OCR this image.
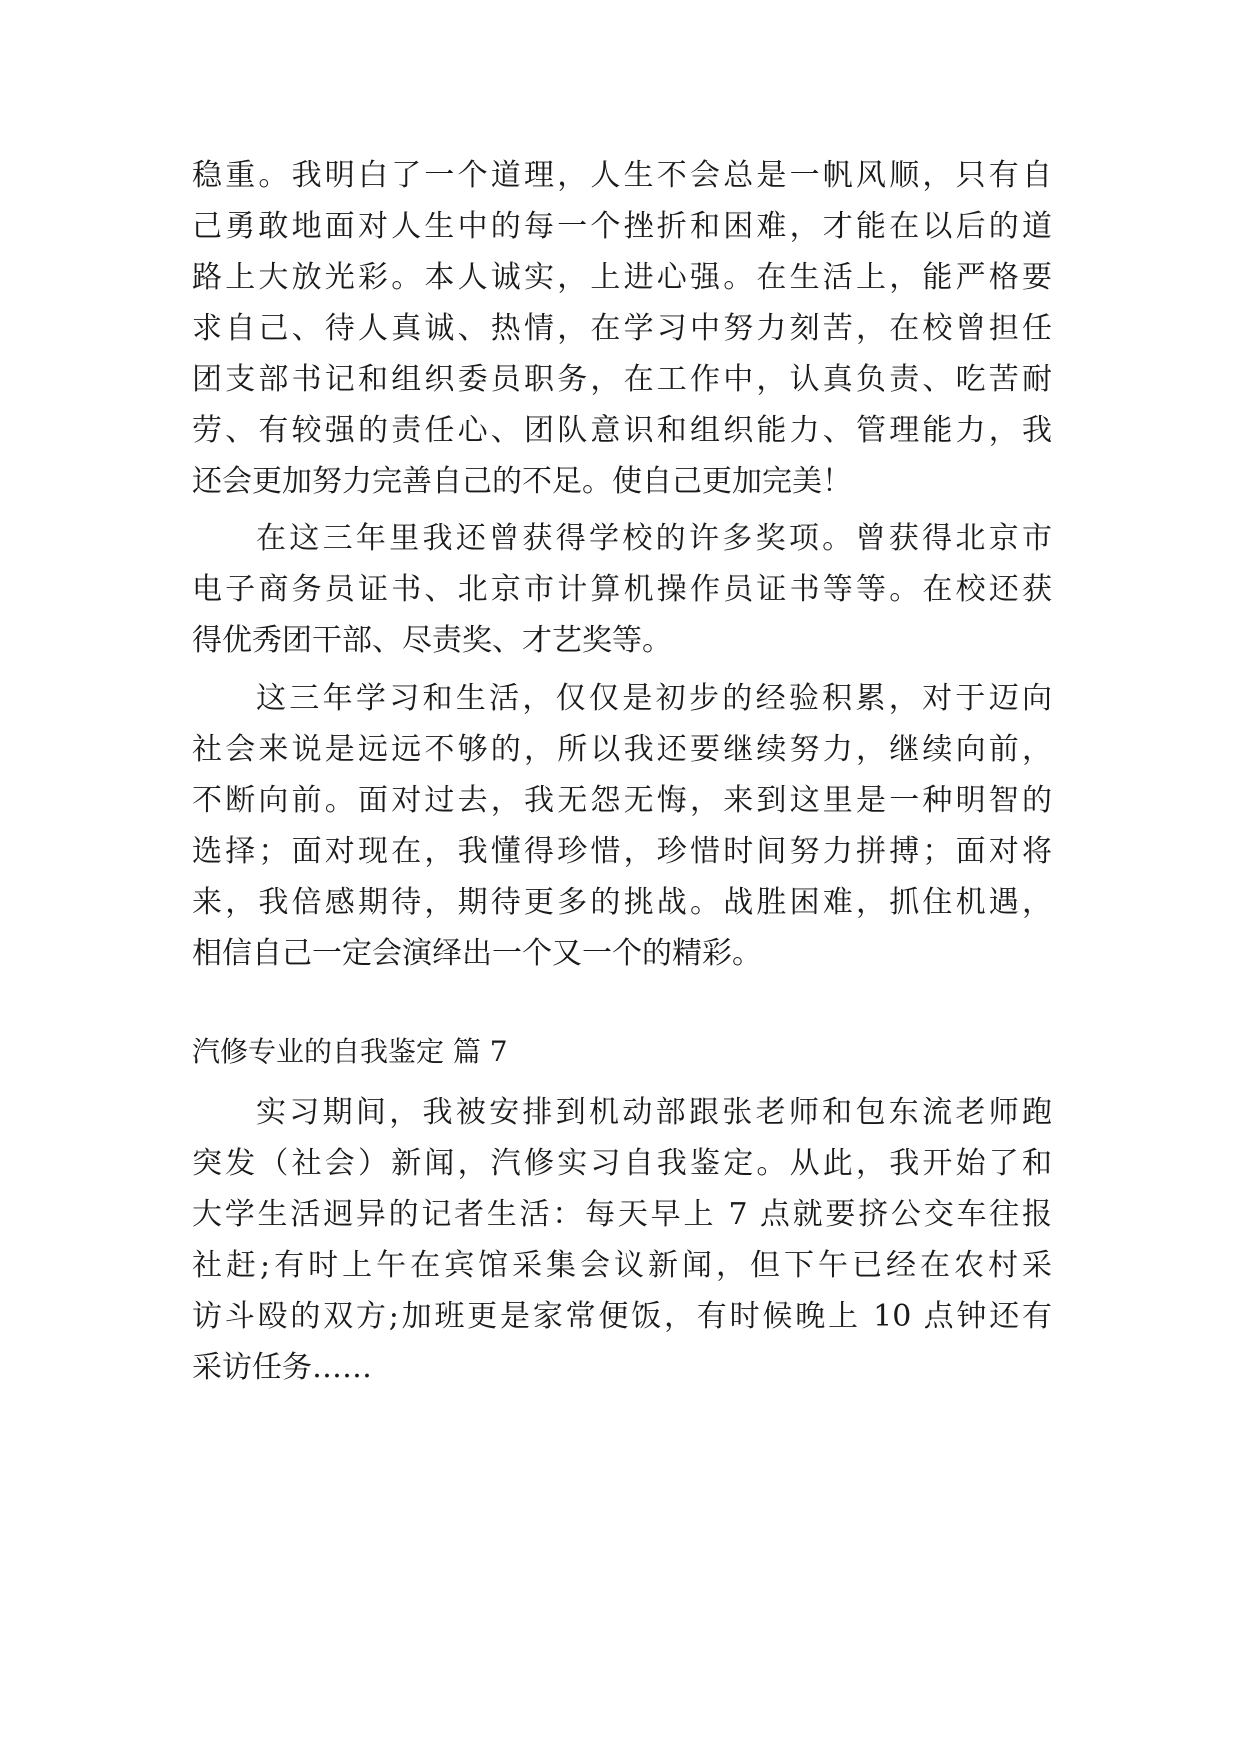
稳重。我明白了一个道理，人生不会总是一帆风顺，只有自
己勇敢地面对人生中的每一个挫折和困难，才能在以后的道
路上大放光彩。本人诚实，上进心强。在生活上，能严格要
求自己、待人真诚、热情，在学习中努力刻苦，在校曾担任
团支部书记和组织委员职务，在工作中，认真负责、吃苦耐
劳、有较强的责任心、团队意识和组织能力、管理能力，我
还会更加努力完善自己的不足。使自己更加完美！
在这三年里我还曾获得学校的许多奖项。曾获得北京市
电子商务员证书、北京市计算机操作员证书等等。在校还获
得优秀团干部、尽责奖、才艺奖等。
这三年学习和生活，仅仅是初步的经验积累，对于迈向
社会来说是远远不够的，所以我还要继续努力，继续向前，
不断向前。面对过去，我无怨无悔，来到这里是一种明智的
选择；面对现在，我懂得珍惜，珍惜时间努力拼搏；面对将
来，我倍感期待，期待更多的挑战。战胜困难，抓住机遇，
相信自己一定会演绎出一个又一个的精彩。
汽修专业的自我鉴定 篇 7
实习期间，我被安排到机动部跟张老师和包东流老师跑
突发（社会）新闻，汽修实习自我鉴定。从此，我开始了和
大学生活迥异的记者生活：每天早上 7 点就要挤公交车往报
社赶;有时上午在宾馆采集会议新闻，但下午已经在农村采
访斗殴的双方;加班更是家常便饭，有时候晚上 10 点钟还有
采访任务……
